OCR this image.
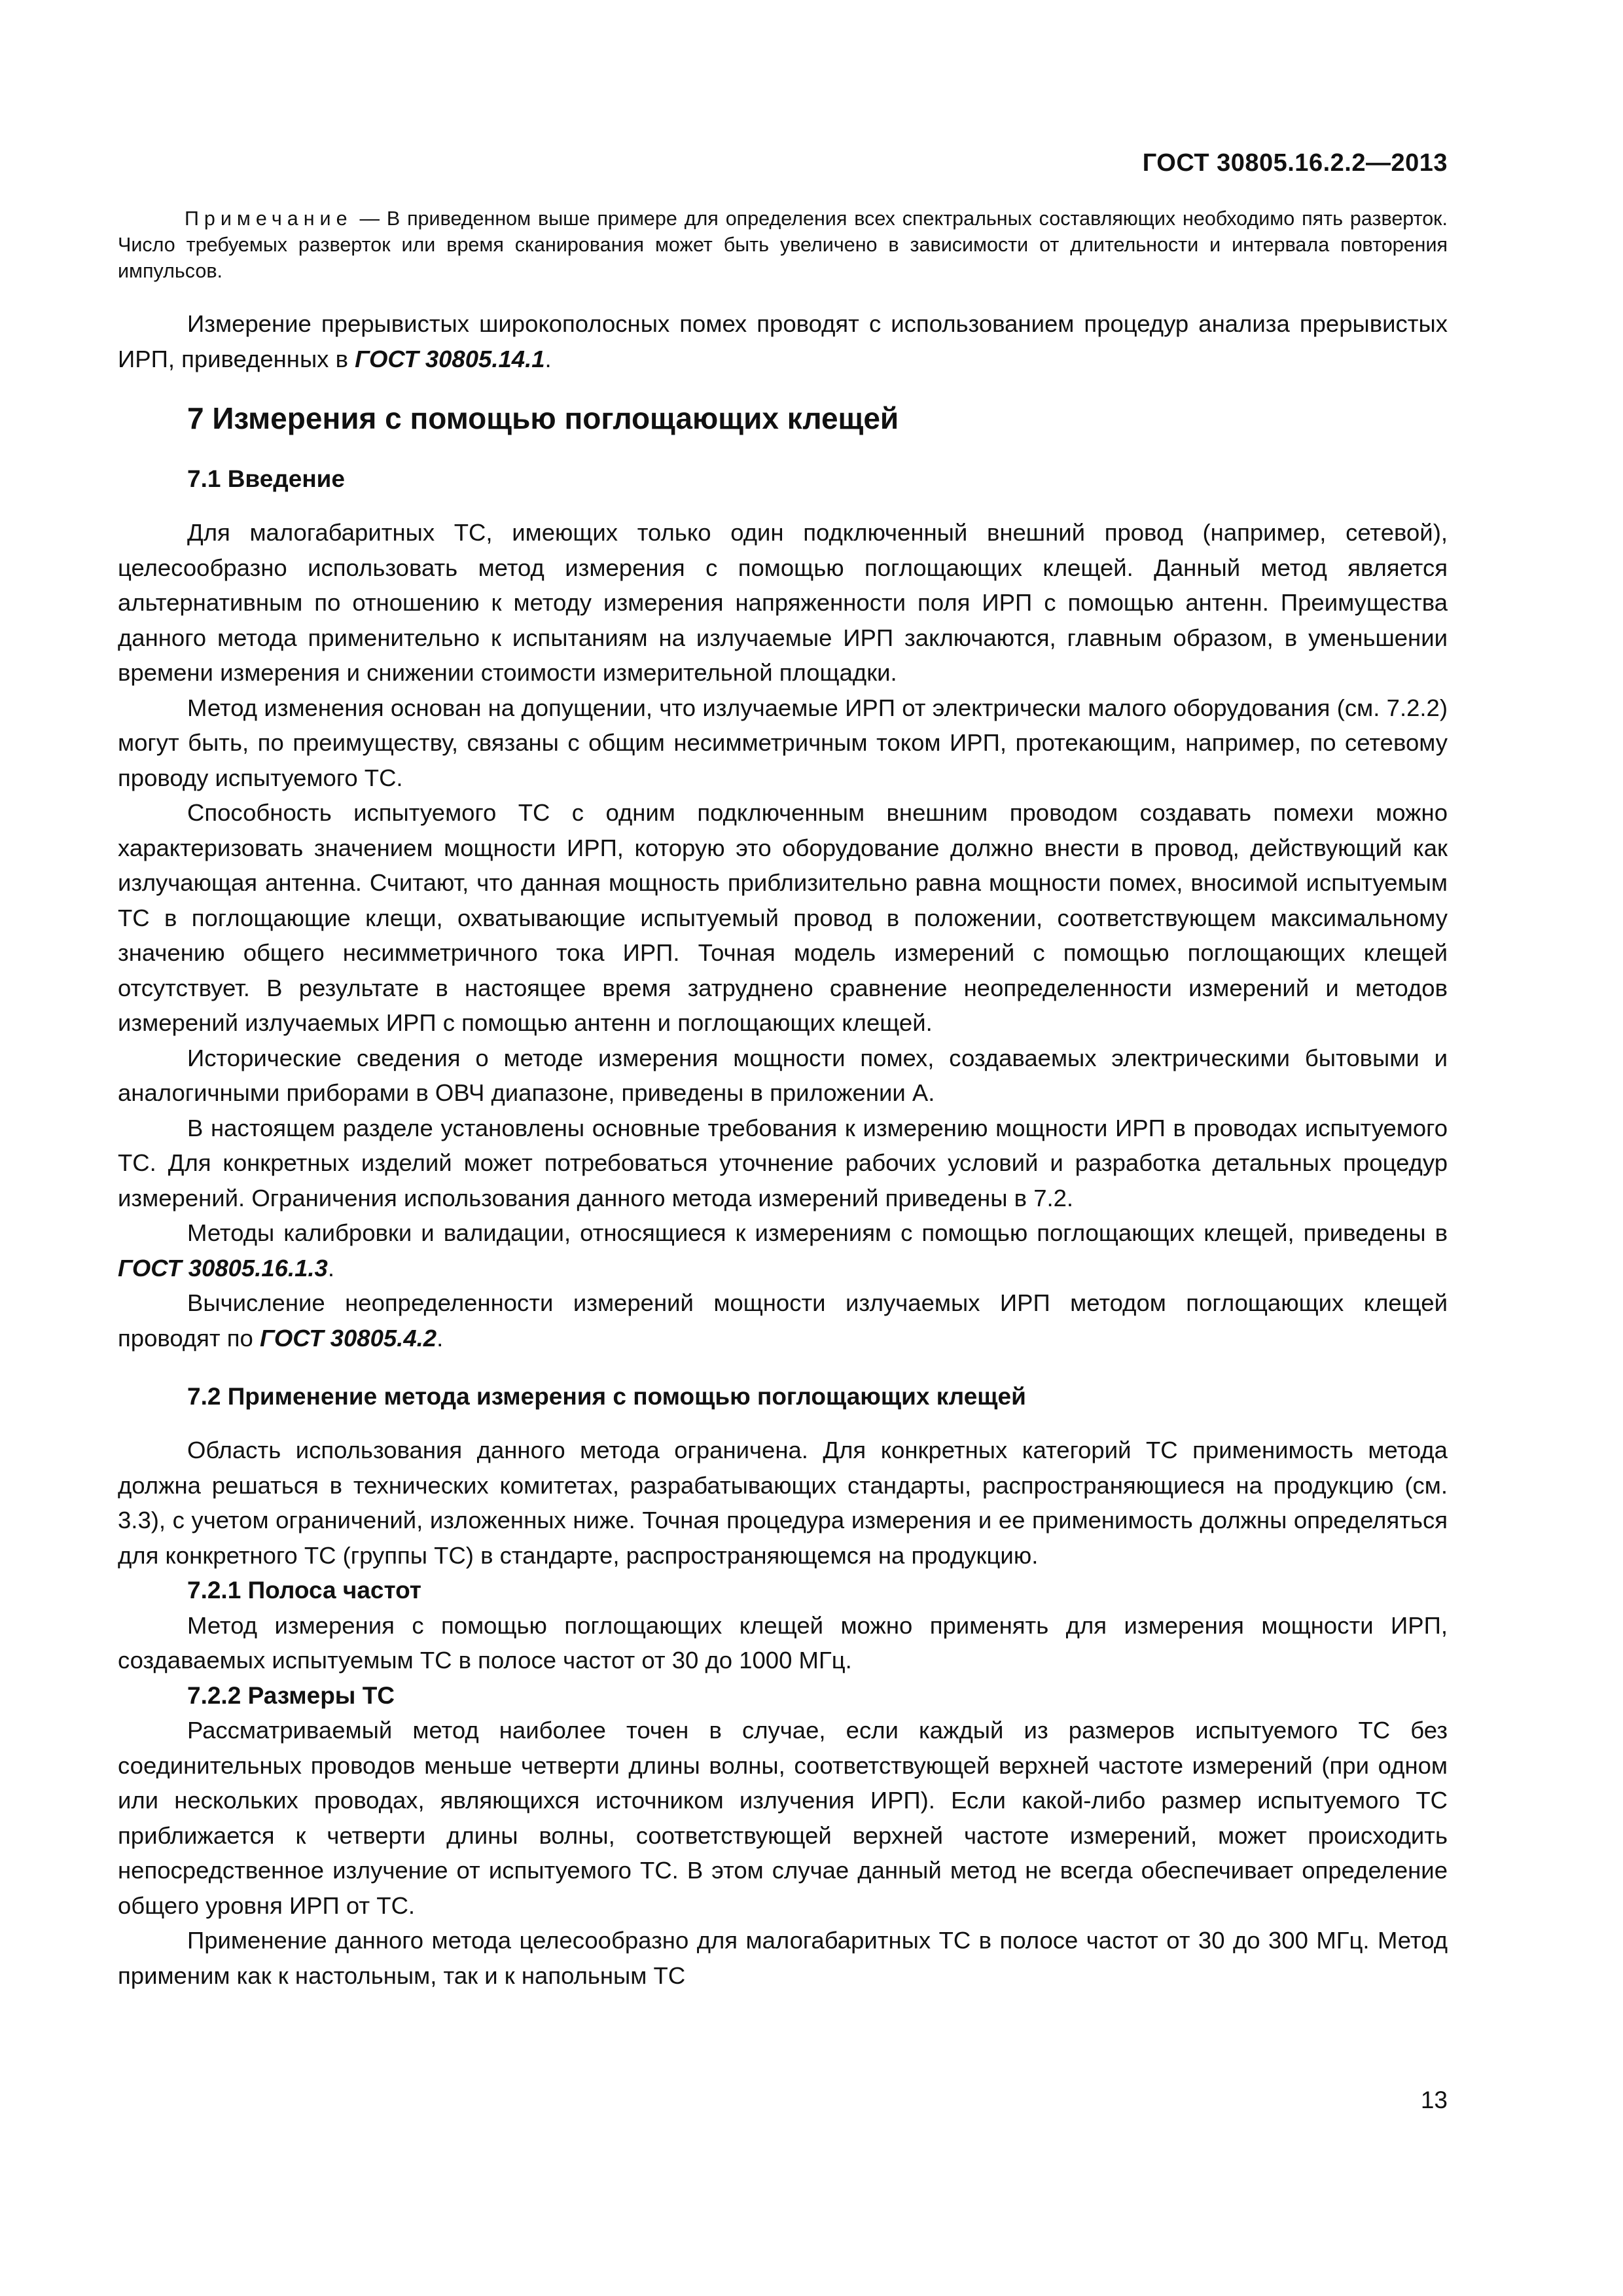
ГОСТ 30805.16.2.2—2013

Примечание — В приведенном выше примере для определения всех спектральных составляющих необходимо пять разверток. Число требуемых разверток или время сканирования может быть увеличено в зависимости от длительности и интервала повторения импульсов.

Измерение прерывистых широкополосных помех проводят с использованием процедур анализа прерывистых ИРП, приведенных в ГОСТ 30805.14.1.

7 Измерения с помощью поглощающих клещей
7.1 Введение

Для малогабаритных ТС, имеющих только один подключенный внешний провод (например, сетевой), целесообразно использовать метод измерения с помощью поглощающих клещей. Данный метод является альтернативным по отношению к методу измерения напряженности поля ИРП с помощью антенн. Преимущества данного метода применительно к испытаниям на излучаемые ИРП заключаются, главным образом, в уменьшении времени измерения и снижении стоимости измерительной площадки.

Метод изменения основан на допущении, что излучаемые ИРП от электрически малого оборудования (см. 7.2.2) могут быть, по преимуществу, связаны с общим несимметричным током ИРП, протекающим, например, по сетевому проводу испытуемого ТС.

Способность испытуемого ТС с одним подключенным внешним проводом создавать помехи можно характеризовать значением мощности ИРП, которую это оборудование должно внести в провод, действующий как излучающая антенна. Считают, что данная мощность приблизительно равна мощности помех, вносимой испытуемым ТС в поглощающие клещи, охватывающие испытуемый провод в положении, соответствующем максимальному значению общего несимметричного тока ИРП. Точная модель измерений с помощью поглощающих клещей отсутствует. В результате в настоящее время затруднено сравнение неопределенности измерений и методов измерений излучаемых ИРП с помощью антенн и поглощающих клещей.

Исторические сведения о методе измерения мощности помех, создаваемых электрическими бытовыми и аналогичными приборами в ОВЧ диапазоне, приведены в приложении А.

В настоящем разделе установлены основные требования к измерению мощности ИРП в проводах испытуемого ТС. Для конкретных изделий может потребоваться уточнение рабочих условий и разработка детальных процедур измерений. Ограничения использования данного метода измерений приведены в 7.2.

Методы калибровки и валидации, относящиеся к измерениям с помощью поглощающих клещей, приведены в ГОСТ 30805.16.1.3.

Вычисление неопределенности измерений мощности излучаемых ИРП методом поглощающих клещей проводят по ГОСТ 30805.4.2.

7.2 Применение метода измерения с помощью поглощающих клещей

Область использования данного метода ограничена. Для конкретных категорий ТС применимость метода должна решаться в технических комитетах, разрабатывающих стандарты, распространяющиеся на продукцию (см. 3.3), с учетом ограничений, изложенных ниже. Точная процедура измерения и ее применимость должны определяться для конкретного ТС (группы ТС) в стандарте, распространяющемся на продукцию.

7.2.1 Полоса частот

Метод измерения с помощью поглощающих клещей можно применять для измерения мощности ИРП, создаваемых испытуемым ТС в полосе частот от 30 до 1000 МГц.

7.2.2 Размеры ТС

Рассматриваемый метод наиболее точен в случае, если каждый из размеров испытуемого ТС без соединительных проводов меньше четверти длины волны, соответствующей верхней частоте измерений (при одном или нескольких проводах, являющихся источником излучения ИРП). Если какой-либо размер испытуемого ТС приближается к четверти длины волны, соответствующей верхней частоте измерений, может происходить непосредственное излучение от испытуемого ТС. В этом случае данный метод не всегда обеспечивает определение общего уровня ИРП от ТС.

Применение данного метода целесообразно для малогабаритных ТС в полосе частот от 30 до 300 МГц. Метод применим как к настольным, так и к напольным ТС

13
